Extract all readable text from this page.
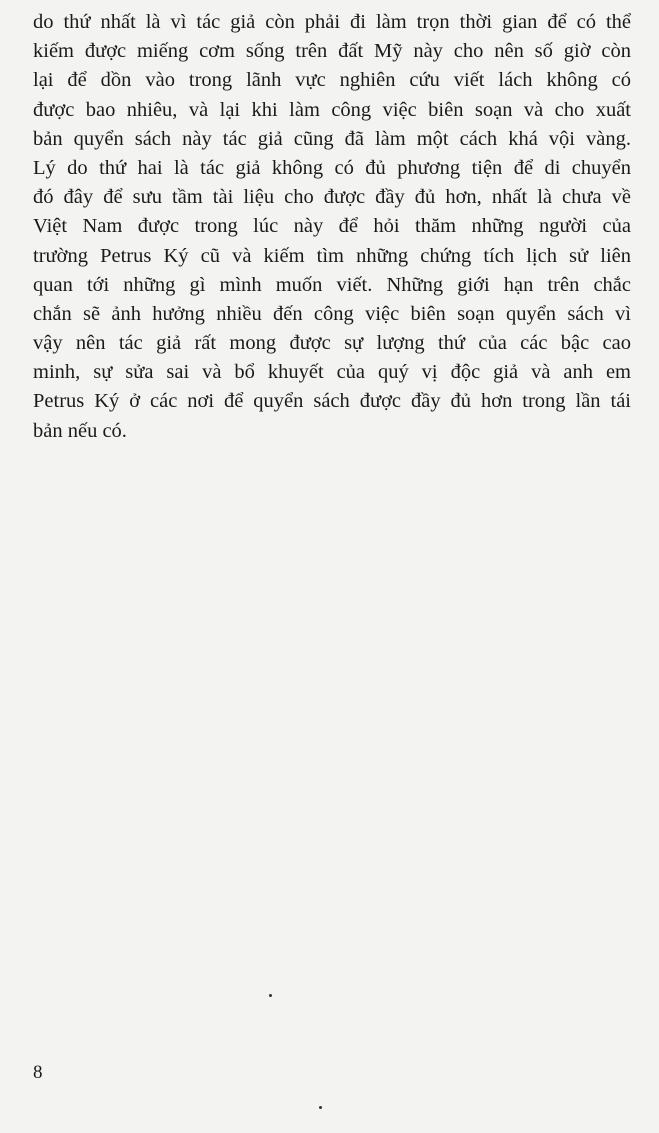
do thứ nhất là vì tác giả còn phải đi làm trọn thời gian để có thể
kiếm được miếng cơm sống trên đất Mỹ này cho nên số giờ còn
lại để dồn vào trong lãnh vực nghiên cứu viết lách không có
được bao nhiêu, và lại khi làm công việc biên soạn và cho xuất
bản quyển sách này tác giả cũng đã làm một cách khá vội vàng.
Lý do thứ hai là tác giả không có đủ phương tiện để di chuyển
đó đây để sưu tầm tài liệu cho được đầy đủ hơn, nhất là chưa về
Việt Nam được trong lúc này để hỏi thăm những người của
trường Petrus Ký cũ và kiếm tìm những chứng tích lịch sử liên
quan tới những gì mình muốn viết. Những giới hạn trên chắc
chắn sẽ ảnh hưởng nhiều đến công việc biên soạn quyển sách vì
vậy nên tác giả rất mong được sự lượng thứ của các bậc cao
minh, sự sửa sai và bổ khuyết của quý vị độc giả và anh em
Petrus Ký ở các nơi để quyển sách được đầy đủ hơn trong lần tái
bản nếu có.
8
